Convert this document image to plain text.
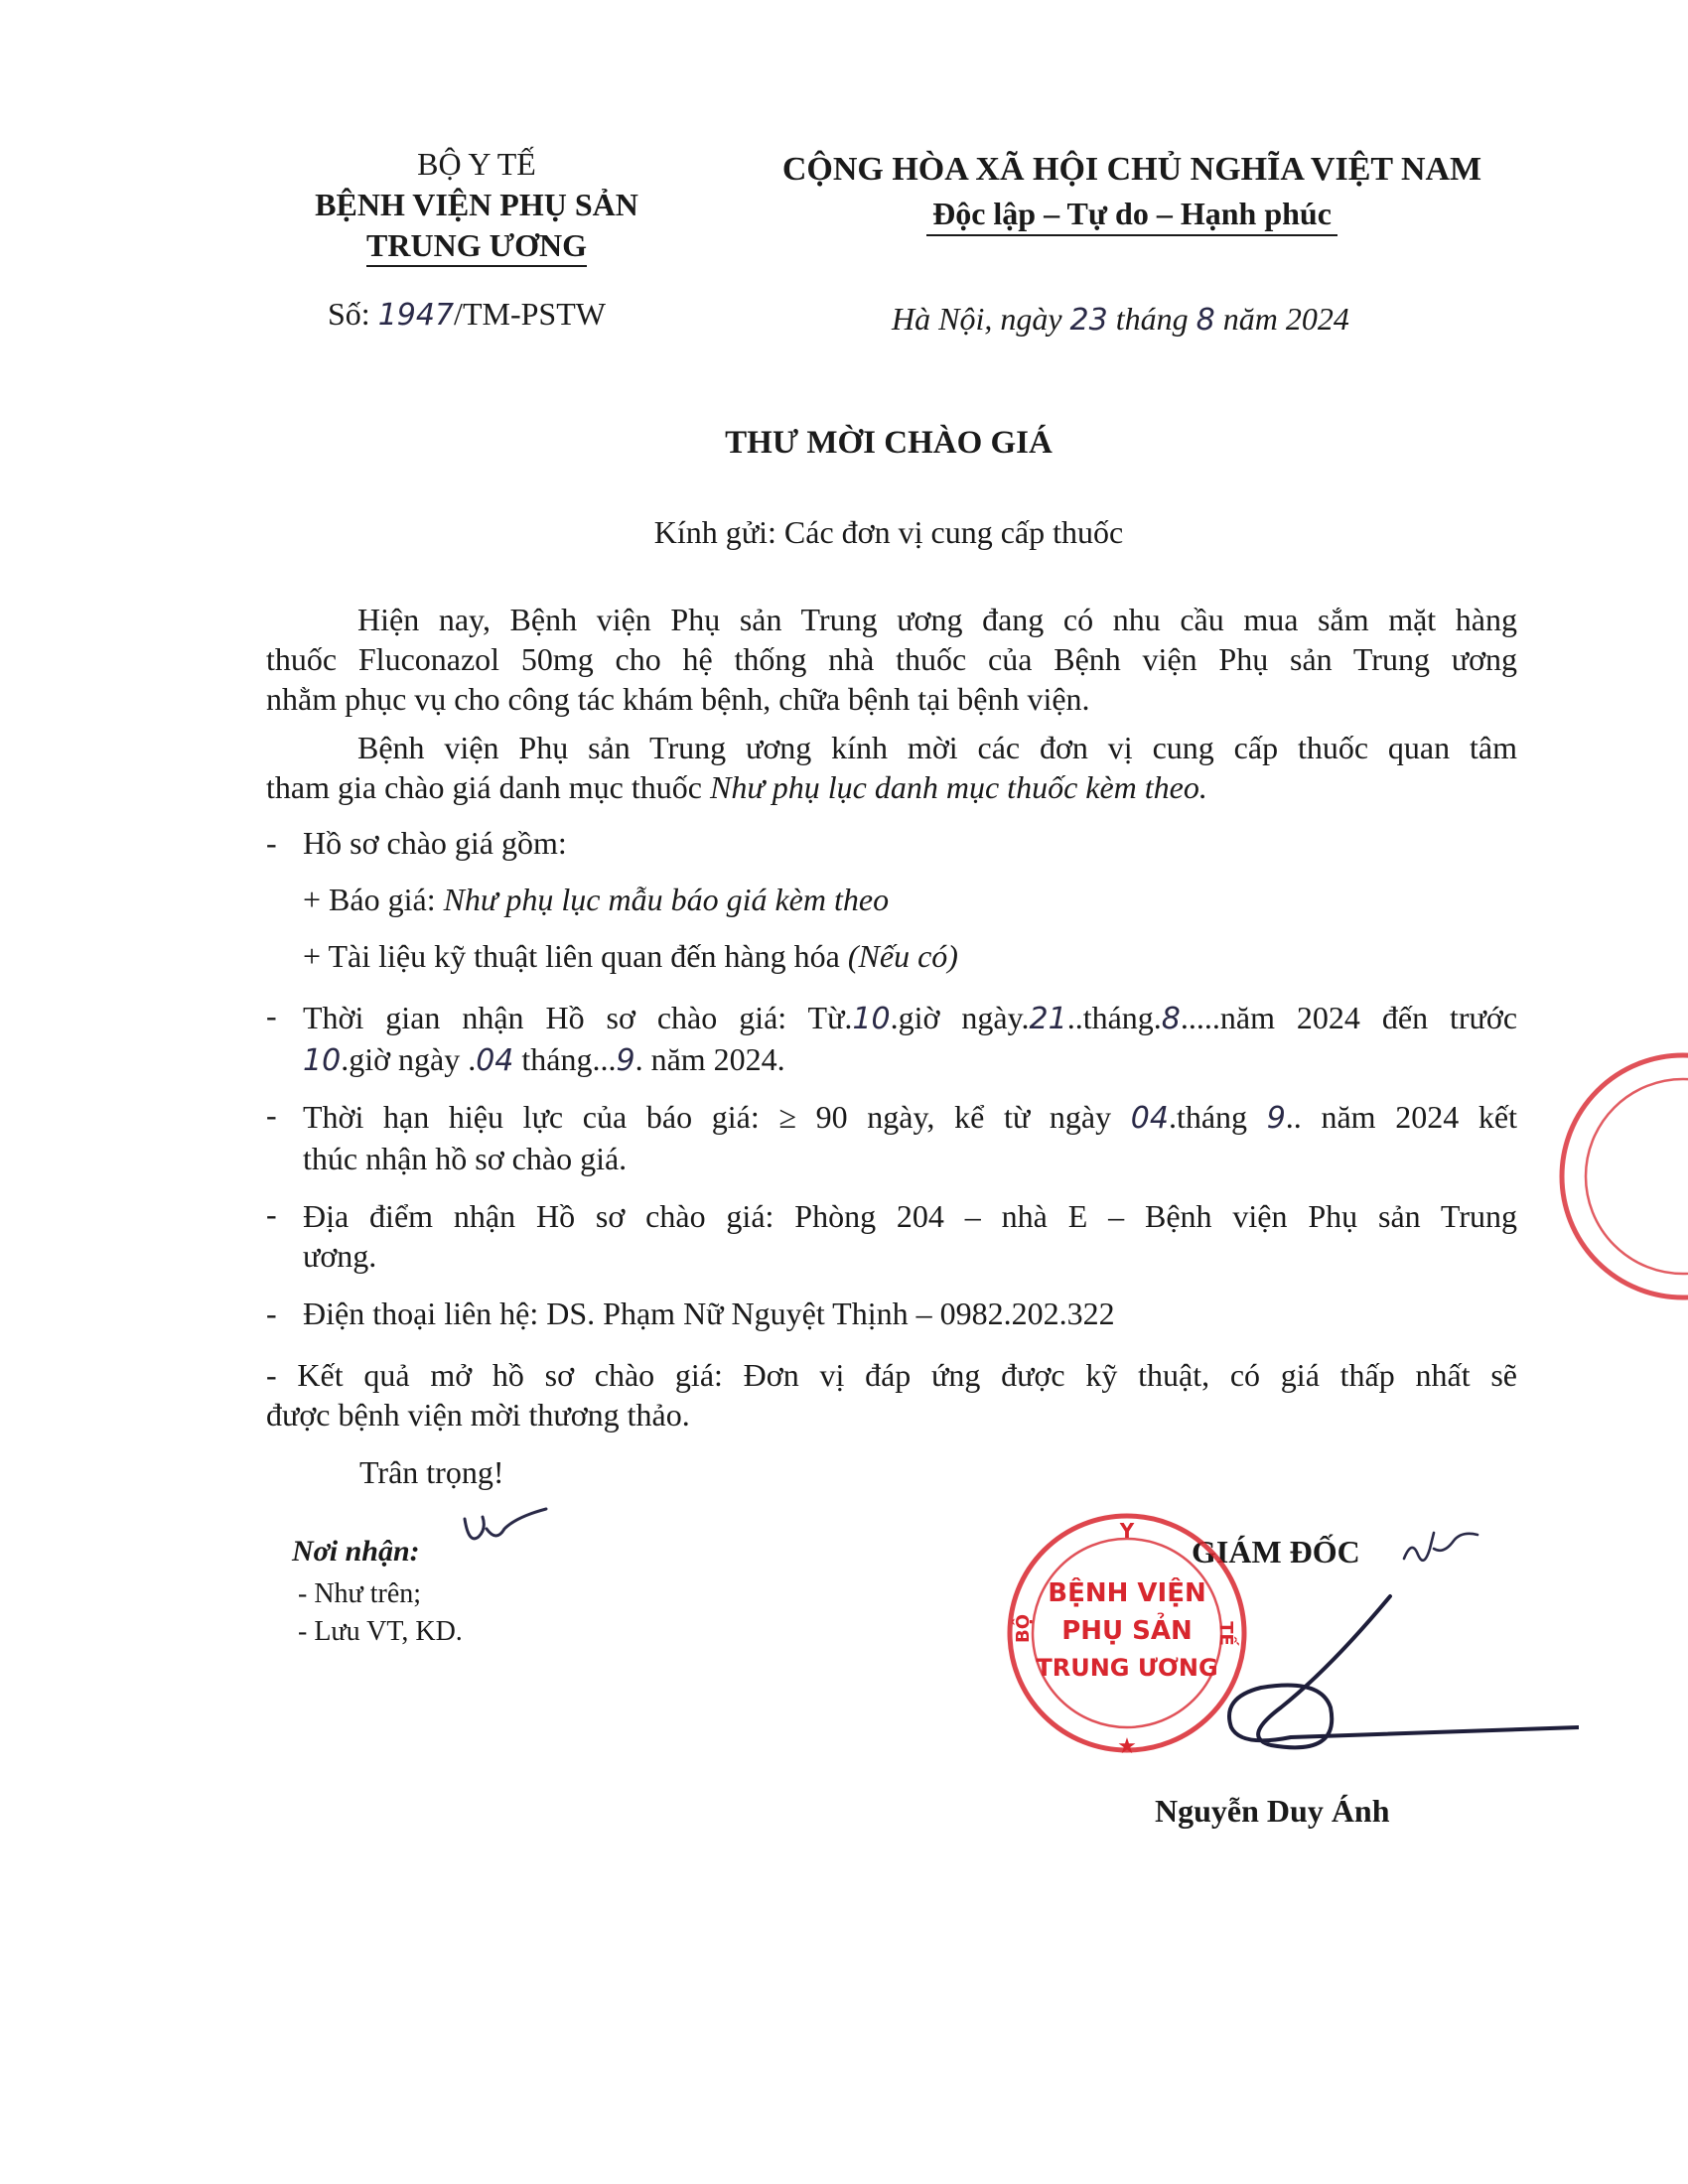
BỘ Y TẾ
BỆNH VIỆN PHỤ SẢN
TRUNG ƯƠNG
Số: 1947/TM-PSTW
CỘNG HÒA XÃ HỘI CHỦ NGHĨA VIỆT NAM
Độc lập – Tự do – Hạnh phúc
Hà Nội, ngày 23 tháng 8 năm 2024
THƯ MỜI CHÀO GIÁ
Kính gửi: Các đơn vị cung cấp thuốc

Hiện nay, Bệnh viện Phụ sản Trung ương đang có nhu cầu mua sắm mặt hàng

thuốc Fluconazol 50mg cho hệ thống nhà thuốc của Bệnh viện Phụ sản Trung ương

nhằm phục vụ cho công tác khám bệnh, chữa bệnh tại bệnh viện.

Bệnh viện Phụ sản Trung ương kính mời các đơn vị cung cấp thuốc quan tâm

tham gia chào giá danh mục thuốc Như phụ lục danh mục thuốc kèm theo.

- Hồ sơ chào giá gồm:
+ Báo giá: Như phụ lục mẫu báo giá kèm theo
+ Tài liệu kỹ thuật liên quan đến hàng hóa (Nếu có)
- Thời gian nhận Hồ sơ chào giá: Từ.10.giờ ngày.21..tháng.8.....năm 2024 đến trước

10.giờ ngày .04 tháng...9. năm 2024.

- Thời hạn hiệu lực của báo giá: ≥ 90 ngày, kể từ ngày 04.tháng 9.. năm 2024 kết

thúc nhận hồ sơ chào giá.

- Địa điểm nhận Hồ sơ chào giá: Phòng 204 – nhà E – Bệnh viện Phụ sản Trung

ương.

- Điện thoại liên hệ: DS. Phạm Nữ Nguyệt Thịnh – 0982.202.322

- Kết quả mở hồ sơ chào giá: Đơn vị đáp ứng được kỹ thuật, có giá thấp nhất sẽ

được bệnh viện mời thương thảo.

Trân trọng!
Nơi nhận:
- Như trên;
- Lưu VT, KD.
GIÁM ĐỐC
★
Y
BỘ	TẾ
BỆNH VIỆN
PHỤ SẢN
TRUNG ƯƠNG
Nguyễn Duy Ánh
